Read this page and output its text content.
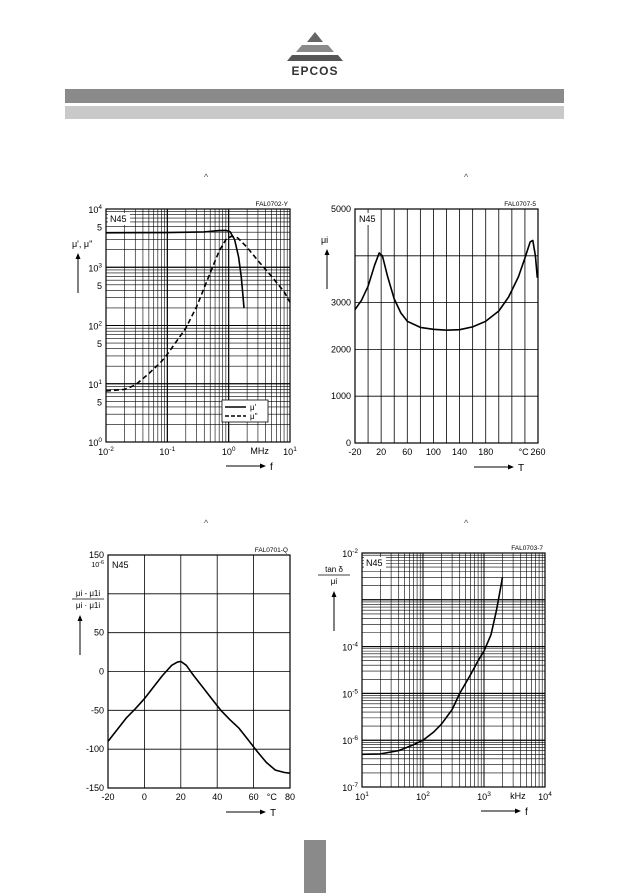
EPCOS
^	^
^	^
$10^{-2}$	$10^{-1}$	$10^0$	$10^1$
$10^0$
5
$10^1$
5
$10^2$
5
$10^3$
5
$10^4$
MHz
FAL0702-Y
N45
f
μ', μ''
μ'
μ''
-20 20 60 100 140 180	260
0
1000
2000
3000
5000
°C
FAL0707-5
N45
T
μi
-20	0	20	40	60	80
-150
-100
-50
0
50
150
°C
FAL0701-Q
N45
$10^{-6}$
T
μi - μ1i
μi · μ1i
$10^1$	$10^2$	$10^3$	$10^4$
$10^{-7}$
$10^{-6}$
$10^{-5}$
$10^{-4}$
$10^{-2}$
kHz
FAL0703-7
N45
f
tan δ
μi
